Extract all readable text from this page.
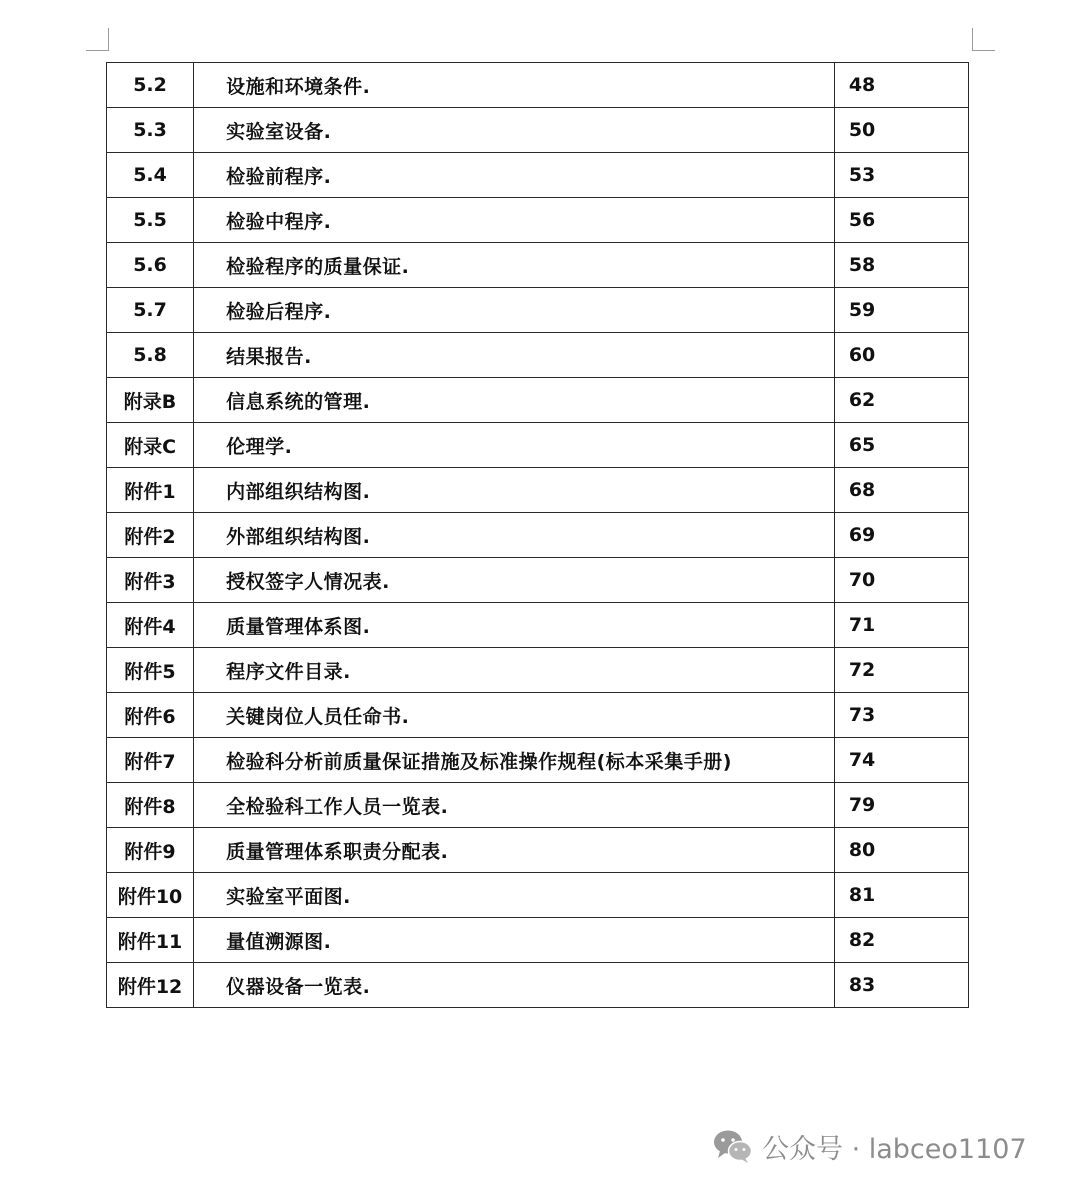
5.2	设施和环境条件.	48
5.3	实验室设备.	50
5.4	检验前程序.	53
5.5	检验中程序.	56
5.6	检验程序的质量保证.	58
5.7	检验后程序.	59
5.8	结果报告.	60
附录B	信息系统的管理.	62
附录C	伦理学.	65
附件1	内部组织结构图.	68
附件2	外部组织结构图.	69
附件3	授权签字人情况表.	70
附件4	质量管理体系图.	71
附件5	程序文件目录.	72
附件6	关键岗位人员任命书.	73
附件7	检验科分析前质量保证措施及标准操作规程(标本采集手册)	74
附件8	全检验科工作人员一览表.	79
附件9	质量管理体系职责分配表.	80
附件10	实验室平面图.	81
附件11	量值溯源图.	82
附件12	仪器设备一览表.	83
公众号 · labceo1107
